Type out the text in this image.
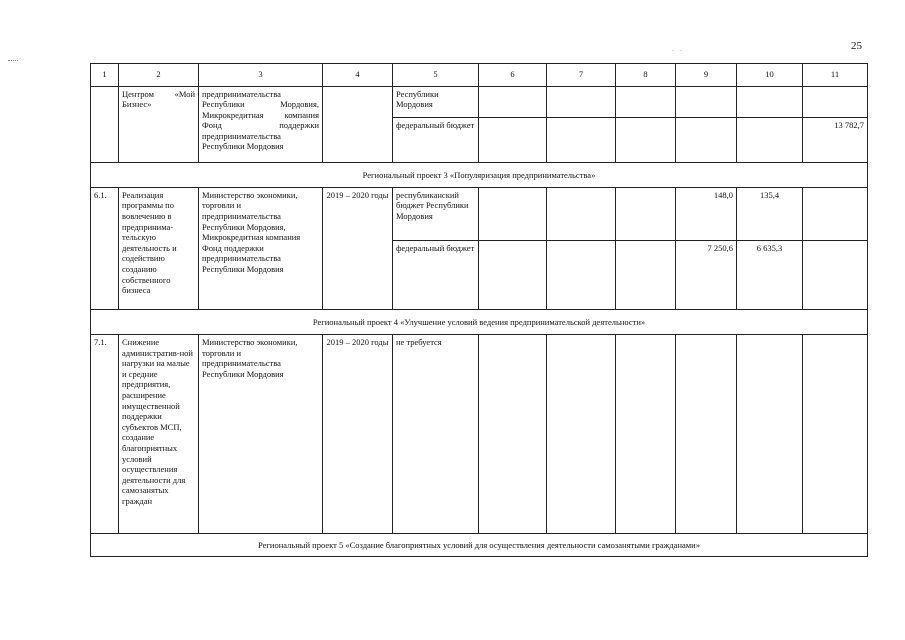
25
. .
1	2	3	4	5	6	7	8	9	10	11
	Центром «Мой Бизнес»	предпринимательства Республики Мордовия, Микрокредитная компания Фонд поддержки предпринимательства Республики Мордовия		Республики Мордовия						
				федеральный бюджет						13 782,7
Региональный проект 3 «Популяризация предпринимательства»										
6.1.	Реализация программы по вовлечению в предпринима-тельскую деятельность и содействию созданию собственного бизнеса	Министерство экономики, торговли и предпринимательства Республики Мордовия, Микрокредитная компания Фонд поддержки предпринимательства Республики Мордовия	2019 – 2020 годы	республиканский бюджет Республики Мордовия				148,0	135,4	
				федеральный бюджет				7 250,6	6 635,3	
Региональный проект 4 «Улучшение условий ведения предпринимательской деятельности»										
7.1.	Снижение административ-ной нагрузки на малые и средние предприятия, расширение имущественной поддержки субъектов МСП, создание благоприятных условий осуществления деятельности для самозанятых граждан	Министерство экономики, торговли и предпринимательства Республики Мордовия	2019 – 2020 годы	не требуется						
Региональный проект 5 «Создание благоприятных условий для осуществления деятельности самозанятыми гражданами»										
